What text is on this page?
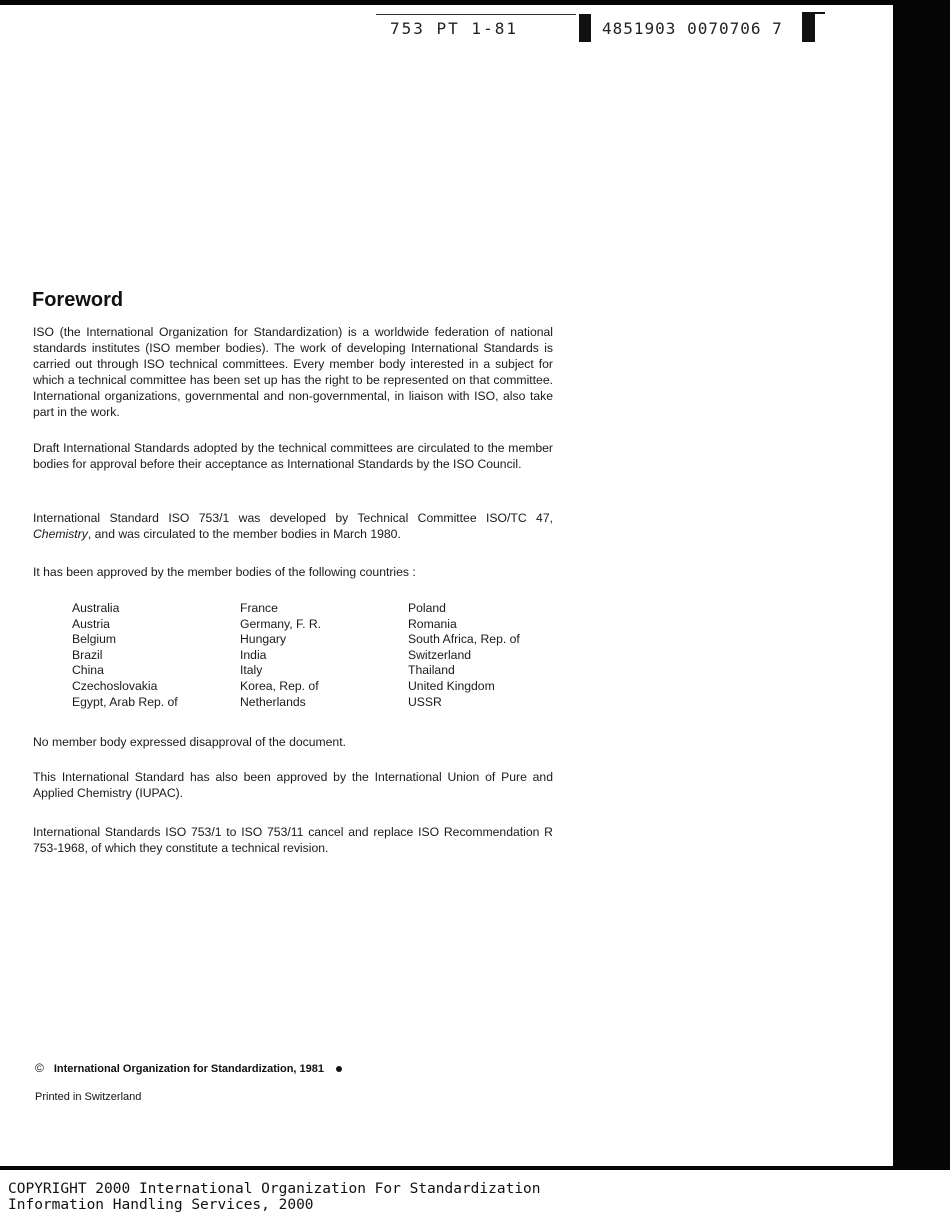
753 PT 1-81	4851903 0070706 7
Foreword
ISO (the International Organization for Standardization) is a worldwide federation of national standards institutes (ISO member bodies). The work of developing International Standards is carried out through ISO technical committees. Every member body interested in a subject for which a technical committee has been set up has the right to be represented on that committee. International organizations, governmental and non-governmental, in liaison with ISO, also take part in the work.
Draft International Standards adopted by the technical committees are circulated to the member bodies for approval before their acceptance as International Standards by the ISO Council.
International Standard ISO 753/1 was developed by Technical Committee ISO/TC 47, Chemistry, and was circulated to the member bodies in March 1980.
It has been approved by the member bodies of the following countries :
Australia
Austria
Belgium
Brazil
China
Czechoslovakia
Egypt, Arab Rep. of
France
Germany, F. R.
Hungary
India
Italy
Korea, Rep. of
Netherlands
Poland
Romania
South Africa, Rep. of
Switzerland
Thailand
United Kingdom
USSR
No member body expressed disapproval of the document.
This International Standard has also been approved by the International Union of Pure and Applied Chemistry (IUPAC).
International Standards ISO 753/1 to ISO 753/11 cancel and replace ISO Recommendation R 753-1968, of which they constitute a technical revision.
© International Organization for Standardization, 1981
Printed in Switzerland
COPYRIGHT 2000 International Organization For Standardization
Information Handling Services, 2000
